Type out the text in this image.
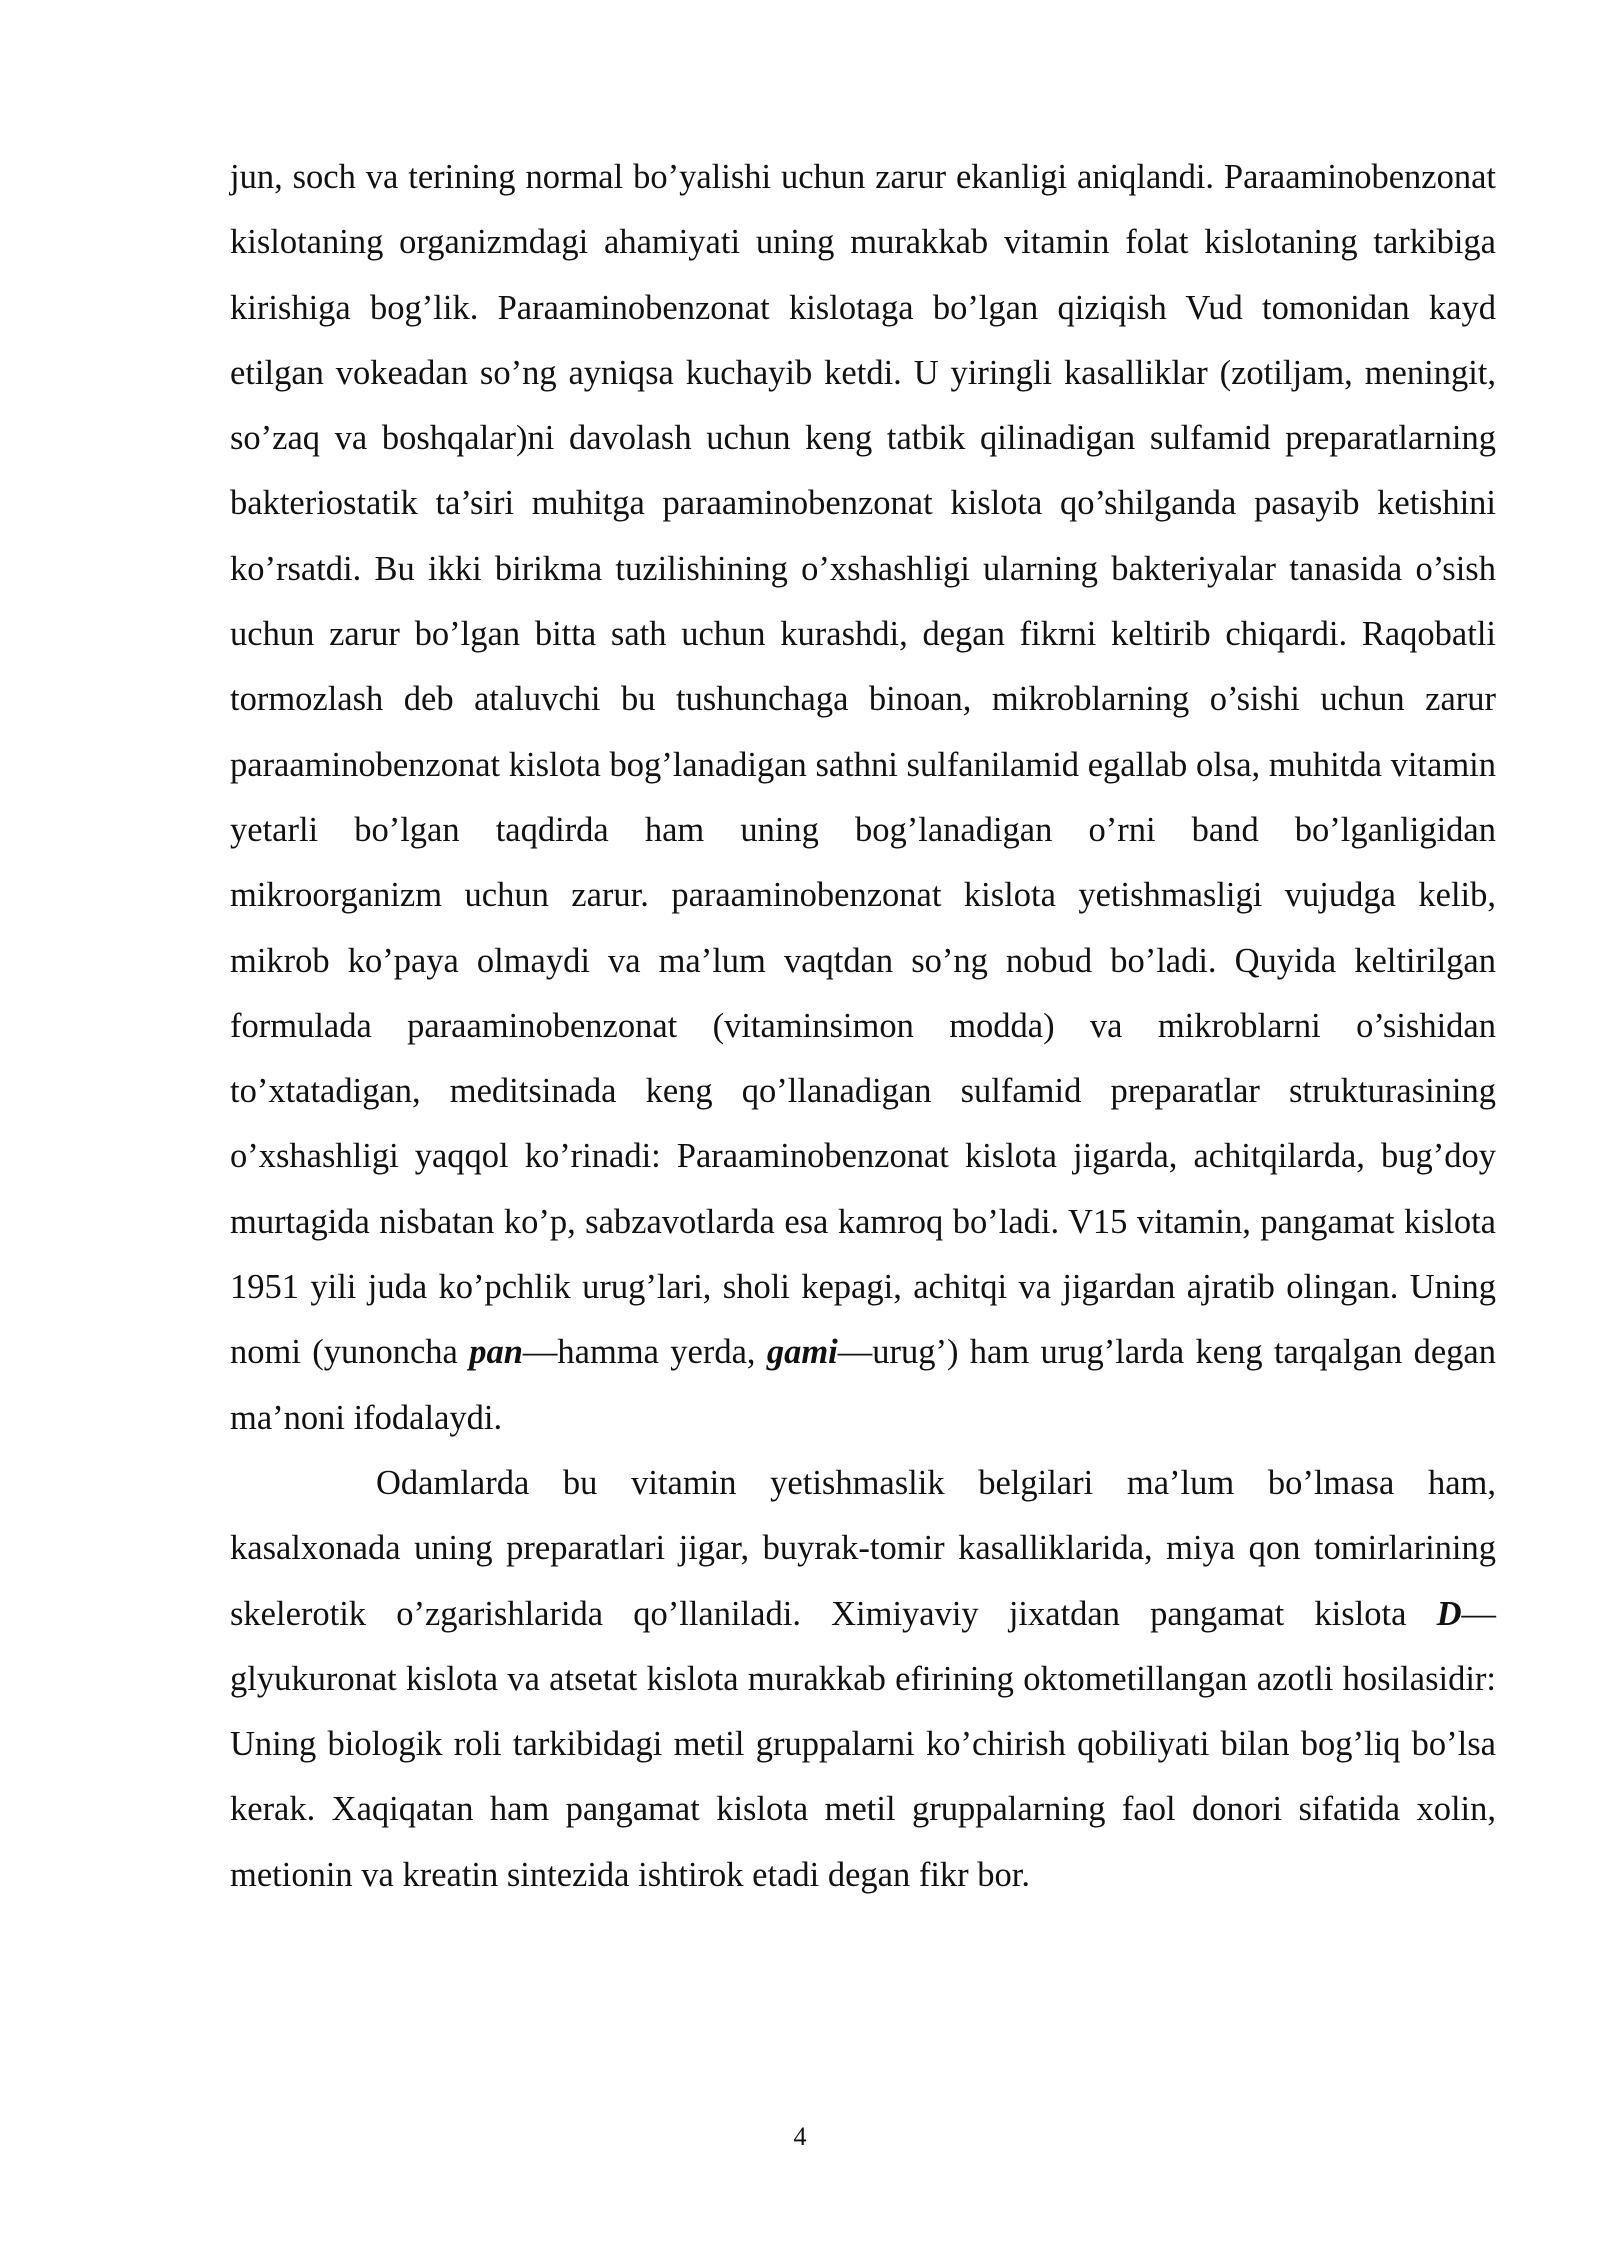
jun, soch va terining normal bo’yalishi uchun zarur ekanligi aniqlandi. Paraaminobenzonat kislotaning organizmdagi ahamiyati uning murakkab vitamin folat kislotaning tarkibiga kirishiga bog’lik. Paraaminobenzonat kislotaga bo’lgan qiziqish Vud tomonidan kayd etilgan vokeadan so’ng ayniqsa kuchayib ketdi. U yiringli kasalliklar (zotiljam, meningit, so’zaq va boshqalar)ni davolash uchun keng tatbik qilinadigan sulfamid preparatlarning bakteriostatik ta’siri muhitga paraaminobenzonat kislota qo’shilganda pasayib ketishini ko’rsatdi. Bu ikki birikma tuzilishining o’xshashligi ularning bakteriyalar tanasida o’sish uchun zarur bo’lgan bitta sath uchun kurashdi, degan fikrni keltirib chiqardi. Raqobatli tormozlash deb ataluvchi bu tushunchaga binoan, mikroblarning o’sishi uchun zarur paraaminobenzonat kislota bog’lanadigan sathni sulfanilamid egallab olsa, muhitda vitamin yetarli bo’lgan taqdirda ham uning bog’lanadigan o’rni band bo’lganligidan mikroorganizm uchun zarur. paraaminobenzonat kislota yetishmasligi vujudga kelib, mikrob ko’paya olmaydi va ma’lum vaqtdan so’ng nobud bo’ladi. Quyida keltirilgan formulada paraaminobenzonat (vitaminsimon modda) va mikroblarni o’sishidan to’xtatadigan, meditsinada keng qo’llanadigan sulfamid preparatlar strukturasining o’xshashligi yaqqol ko’rinadi: Paraaminobenzonat kislota jigarda, achitqilarda, bug’doy murtagida nisbatan ko’p, sabzavotlarda esa kamroq bo’ladi. V15 vitamin, pangamat kislota 1951 yili juda ko’pchlik urug’lari, sholi kepagi, achitqi va jigardan ajratib olingan. Uning nomi (yunoncha pan—hamma yerda, gami—urug’) ham urug’larda keng tarqalgan degan ma’noni ifodalaydi.

Odamlarda bu vitamin yetishmaslik belgilari ma’lum bo’lmasa ham, kasalxonada uning preparatlari jigar, buyrak-tomir kasalliklarida, miya qon tomirlarining skelerotik o’zgarishlarida qo’llaniladi. Ximiyaviy jixatdan pangamat kislota D—glyukuronat kislota va atsetat kislota murakkab efirining oktometillangan azotli hosilasidir: Uning biologik roli tarkibidagi metil gruppalarni ko’chirish qobiliyati bilan bog’liq bo’lsa kerak. Xaqiqatan ham pangamat kislota metil gruppalarning faol donori sifatida xolin, metionin va kreatin sintezida ishtirok etadi degan fikr bor.

4
